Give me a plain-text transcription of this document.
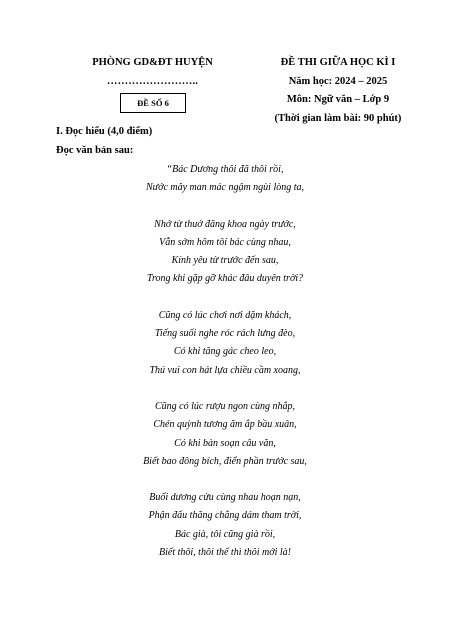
PHÒNG GD&ĐT HUYỆN
……………………..
ĐỀ SỐ 6
ĐỀ THI GIỮA HỌC KÌ I
Năm học: 2024 – 2025
Môn: Ngữ văn – Lớp 9
(Thời gian làm bài: 90 phút)
I. Đọc hiểu (4,0 điểm)
Đọc văn bản sau:
“Bác Dương thôi đã thôi rồi,
Nước mây man mác ngậm ngùi lòng ta,
Nhớ từ thuở đăng khoa ngày trước,
Vẫn sớm hôm tôi bác cùng nhau,
Kính yêu từ trước đến sau,
Trong khi gặp gỡ khác đâu duyên trời?
Cũng có lúc chơi nơi dặm khách,
Tiếng suối nghe róc rách lưng đèo,
Có khi tăng gác cheo leo,
Thú vui con hát lựa chiều cầm xoang,
Cũng có lúc rượu ngon cùng nhắp,
Chén quỳnh tương ăm ắp bầu xuân,
Có khi bàn soạn câu văn,
Biết bao đông bích, điển phần trước sau,
Buổi dương cửu cùng nhau hoạn nạn,
Phận đấu thăng chẳng dám tham trời,
Bác già, tôi cũng già rồi,
Biết thôi, thôi thế thì thôi mới là!
